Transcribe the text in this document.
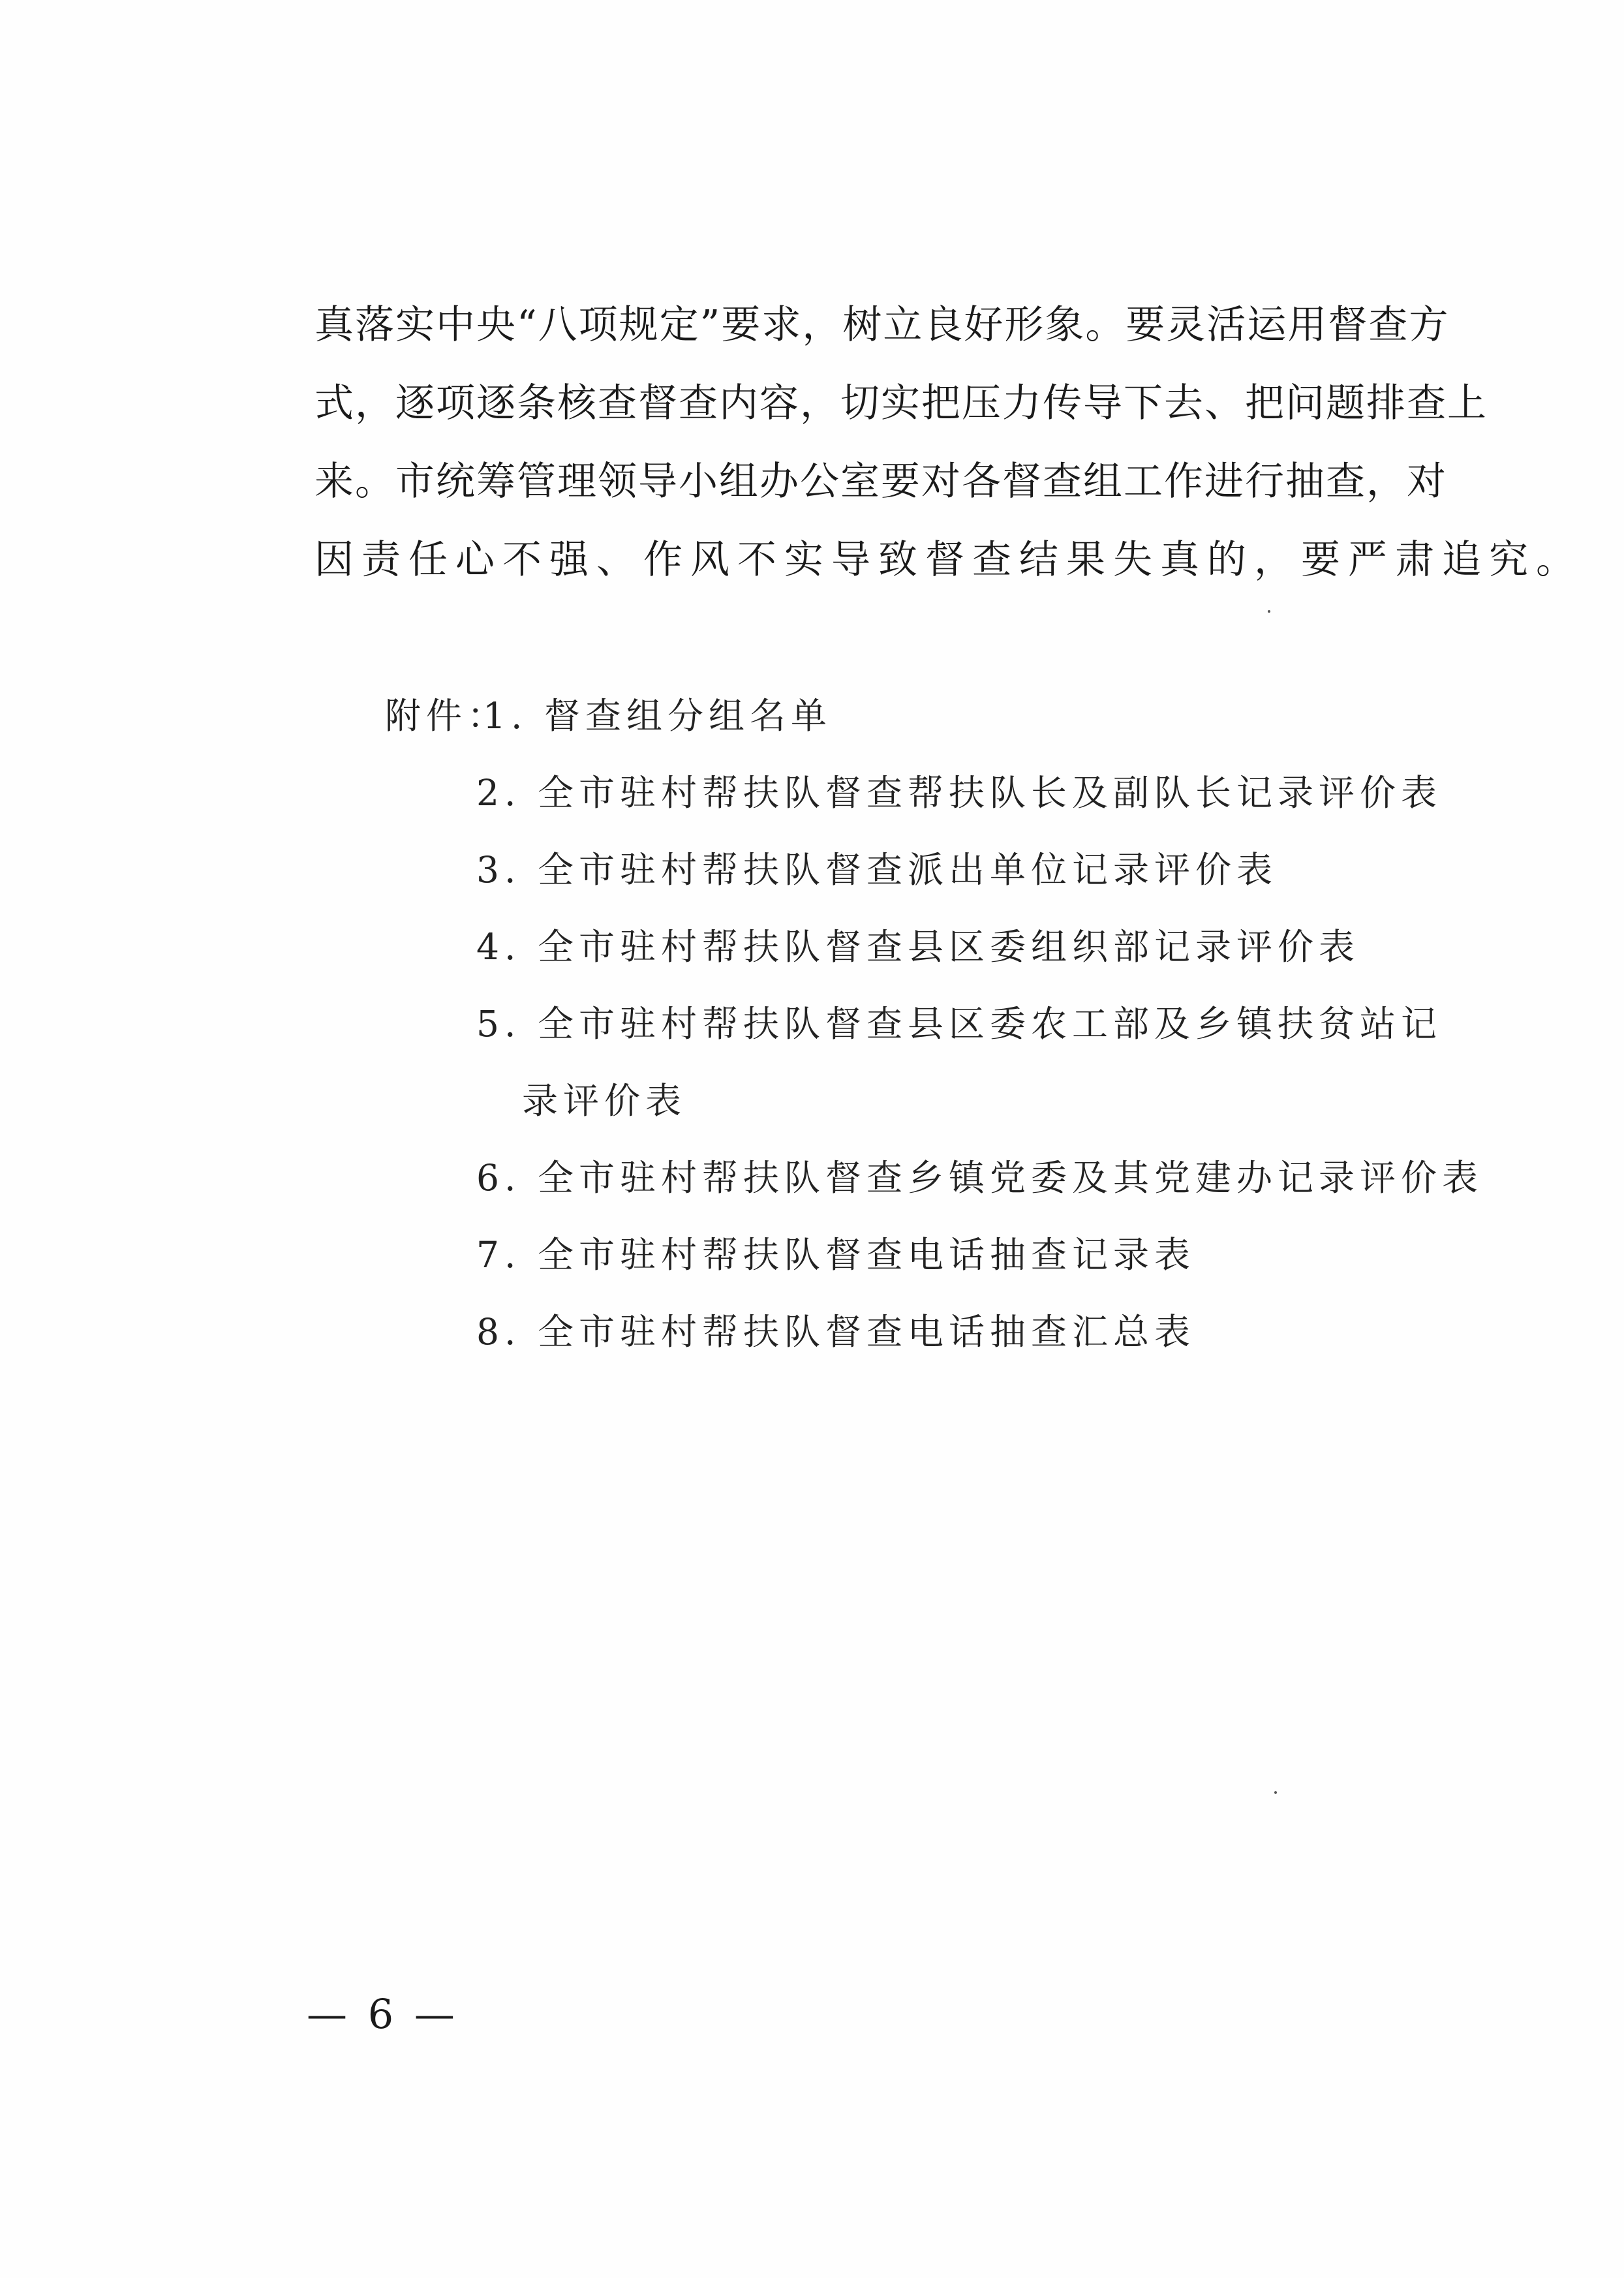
真落实中央“八项规定”要求，树立良好形象。要灵活运用督查方
式，逐项逐条核查督查内容，切实把压力传导下去、把问题排查上
来。市统筹管理领导小组办公室要对各督查组工作进行抽查，对
因责任心不强、作风不实导致督查结果失真的，要严肃追究。
附件：
1. 督查组分组名单
2. 全市驻村帮扶队督查帮扶队长及副队长记录评价表
3. 全市驻村帮扶队督查派出单位记录评价表
4. 全市驻村帮扶队督查县区委组织部记录评价表
5. 全市驻村帮扶队督查县区委农工部及乡镇扶贫站记
录评价表
6. 全市驻村帮扶队督查乡镇党委及其党建办记录评价表
7. 全市驻村帮扶队督查电话抽查记录表
8. 全市驻村帮扶队督查电话抽查汇总表
— 6 —
